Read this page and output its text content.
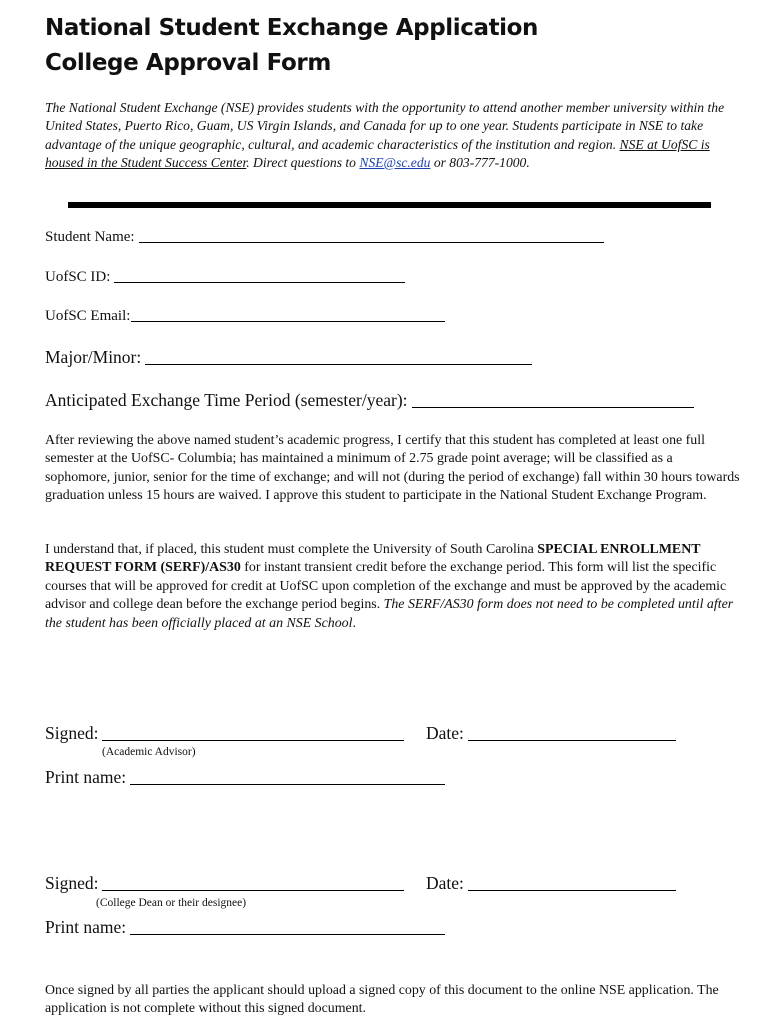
National Student Exchange Application
College Approval Form
The National Student Exchange (NSE) provides students with the opportunity to attend another member university within the United States, Puerto Rico, Guam, US Virgin Islands, and Canada for up to one year. Students participate in NSE to take advantage of the unique geographic, cultural, and academic characteristics of the institution and region. NSE at UofSC is housed in the Student Success Center. Direct questions to NSE@sc.edu or 803-777-1000.
Student Name:
UofSC ID:
UofSC Email:
Major/Minor:
Anticipated Exchange Time Period (semester/year):
After reviewing the above named student’s academic progress, I certify that this student has completed at least one full semester at the UofSC- Columbia; has maintained a minimum of 2.75 grade point average; will be classified as a sophomore, junior, senior for the time of exchange; and will not (during the period of exchange) fall within 30 hours towards graduation unless 15 hours are waived. I approve this student to participate in the National Student Exchange Program.
I understand that, if placed, this student must complete the University of South Carolina SPECIAL ENROLLMENT REQUEST FORM (SERF)/AS30 for instant transient credit before the exchange period. This form will list the specific courses that will be approved for credit at UofSC upon completion of the exchange and must be approved by the academic advisor and college dean before the exchange period begins. The SERF/AS30 form does not need to be completed until after the student has been officially placed at an NSE School.
Signed:	Date:
(Academic Advisor)
Print name:
Signed:	Date:
(College Dean or their designee)
Print name:
Once signed by all parties the applicant should upload a signed copy of this document to the online NSE application. The application is not complete without this signed document.
